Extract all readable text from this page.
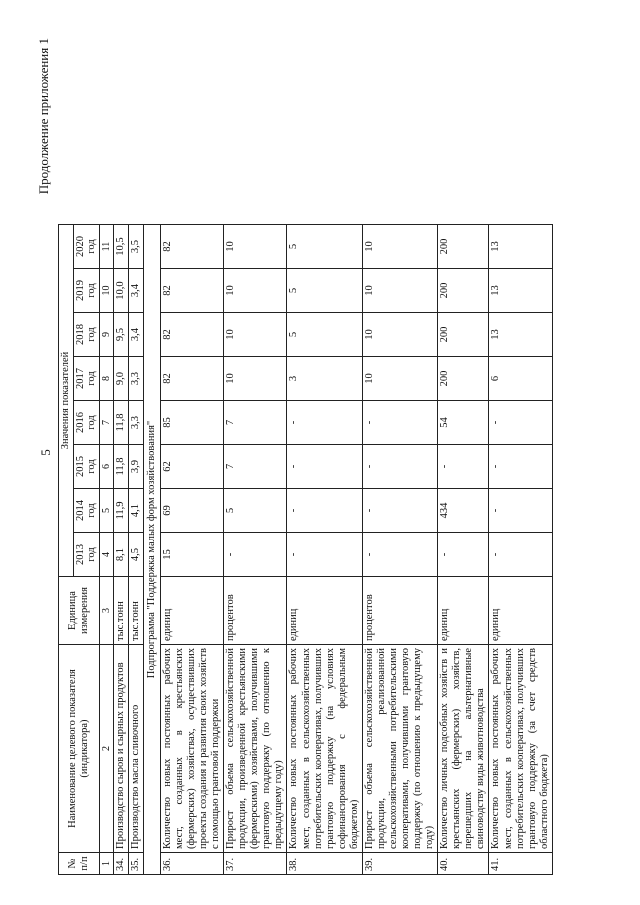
5
Продолжение приложения 1
№ п/п	Наименование целевого показателя (индикатора)	Единица измерения	Значения показателей							
			2013 год	2014 год	2015 год	2016 год	2017 год	2018 год	2019 год	2020 год
1	2	3	4	5	6	7	8	9	10	11
34.	Производство сыров и сырных продуктов	тыс.тонн	8,1	11,9	11,8	11,8	9,0	9,5	10,0	10,5
35.	Производство масла сливочного	тыс.тонн	4,5	4,1	3,9	3,3	3,3	3,4	3,4	3,5
Подпрограмма "Поддержка малых форм хозяйствования"										
36.	Количество новых постоянных рабочих мест, созданных в крестьянских (фермерских) хозяйствах, осуществивших проекты создания и развития своих хозяйств с помощью грантовой поддержки	единиц	15	69	62	85	82	82	82	82
37.	Прирост объема сельскохозяйственной продукции, произведенной крестьянскими (фермерскими) хозяйствами, получившими грантовую поддержку (по отношению к предыдущему году)	процентов	-	5	7	7	10	10	10	10
38.	Количество новых постоянных рабочих мест, созданных в сельскохозяйственных потребительских кооперативах, получивших грантовую поддержку (на условиях софинансирования с федеральным бюджетом)	единиц	-	-	-	-	3	5	5	5
39.	Прирост объема сельскохозяйственной продукции, реализованной сельскохозяйственными потребительскими кооперативами, получившими грантовую поддержку (по отношению к предыдущему году)	процентов	-	-	-	-	10	10	10	10
40.	Количество личных подсобных хозяйств и крестьянских (фермерских) хозяйств, перешедших на альтернативные свиноводству виды животноводства	единиц	-	434	-	54	200	200	200	200
41.	Количество новых постоянных рабочих мест, созданных в сельскохозяйственных потребительских кооперативах, получивших грантовую поддержку (за счет средств областного бюджета)	единиц	-	-	-	-	6	13	13	13
